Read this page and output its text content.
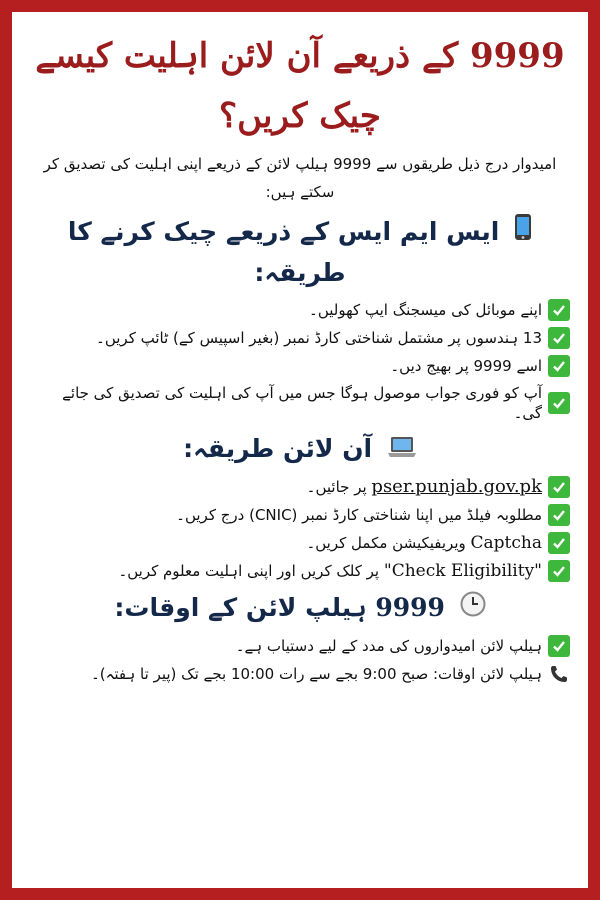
9999 کے ذریعے آن لائن اہلیت کیسے
چیک کریں؟
امیدوار درج ذیل طریقوں سے 9999 ہیلپ لائن کے ذریعے اپنی اہلیت کی تصدیق کر سکتے ہیں:
ایس ایم ایس کے ذریعے چیک کرنے کا طریقہ:
اپنے موبائل کی میسجنگ ایپ کھولیں۔
13 ہندسوں پر مشتمل شناختی کارڈ نمبر (بغیر اسپیس کے) ٹائپ کریں۔
اسے 9999 پر بھیج دیں۔
آپ کو فوری جواب موصول ہوگا جس میں آپ کی اہلیت کی تصدیق کی جائے گی۔
آن لائن طریقہ:
pser.punjab.gov.pk پر جائیں۔
مطلوبہ فیلڈ میں اپنا شناختی کارڈ نمبر (CNIC) درج کریں۔
Captcha ویریفیکیشن مکمل کریں۔
"Check Eligibility" پر کلک کریں اور اپنی اہلیت معلوم کریں۔
9999 ہیلپ لائن کے اوقات:
ہیلپ لائن امیدواروں کی مدد کے لیے دستیاب ہے۔
ہیلپ لائن اوقات: صبح 9:00 بجے سے رات 10:00 بجے تک (پیر تا ہفتہ)۔
